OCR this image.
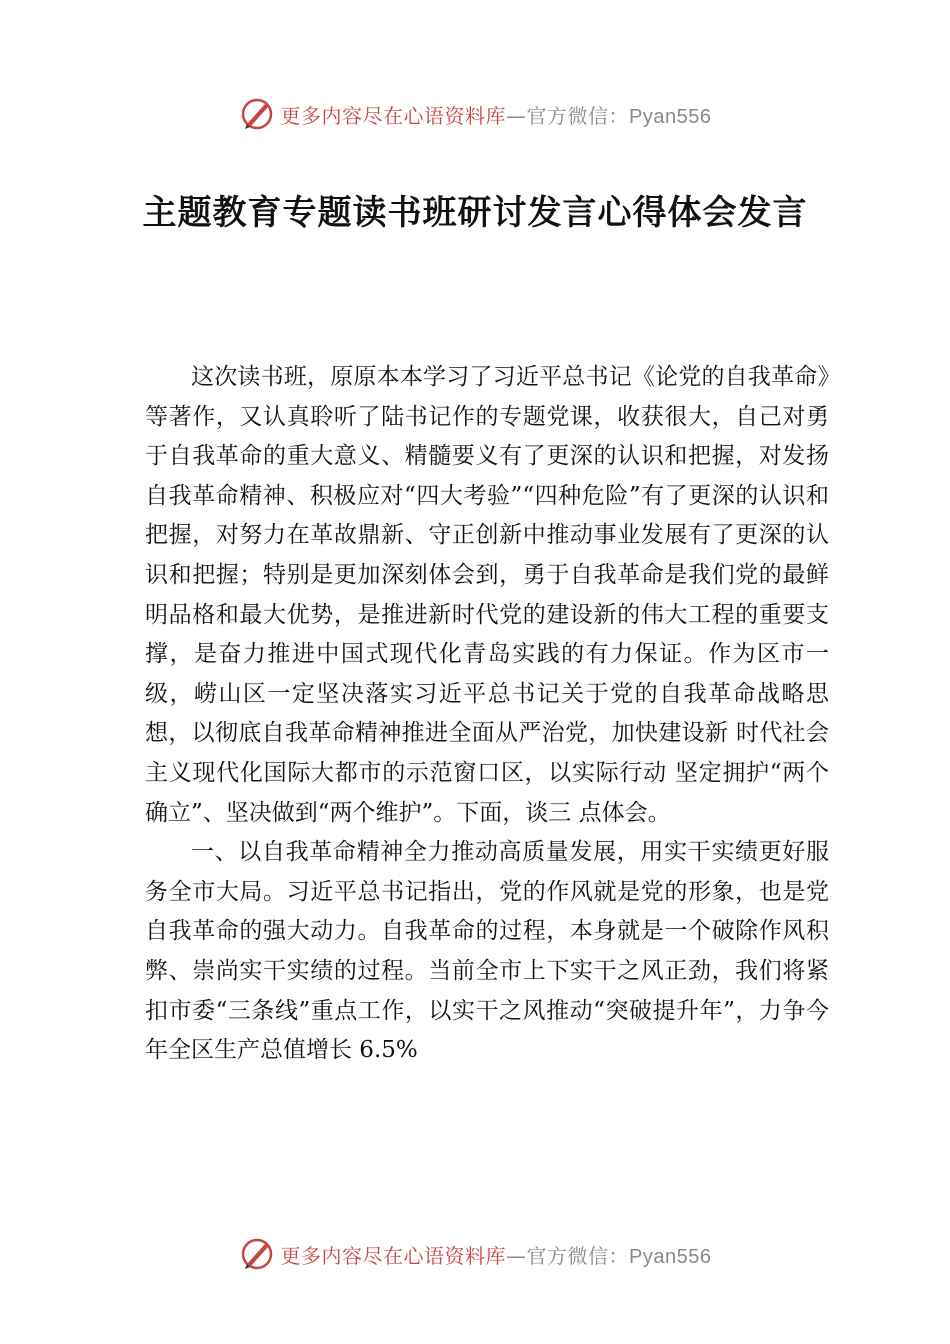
更多内容尽在心语资料库—官方微信：Pyan556
主题教育专题读书班研讨发言心得体会发言

这次读书班，原原本本学习了习近平总书记《论党的自我革命》等著作，又认真聆听了陆书记作的专题党课，收获很大，自己对勇于自我革命的重大意义、精髓要义有了更深的认识和把握，对发扬自我革命精神、积极应对“四大考验”“四种危险”有了更深的认识和把握，对努力在革故鼎新、守正创新中推动事业发展有了更深的认识和把握；特别是更加深刻体会到，勇于自我革命是我们党的最鲜明品格和最大优势，是推进新时代党的建设新的伟大工程的重要支撑，是奋力推进中国式现代化青岛实践的有力保证。作为区市一级，崂山区一定坚决落实习近平总书记关于党的自我革命战略思想，以彻底自我革命精神推进全面从严治党，加快建设新 时代社会主义现代化国际大都市的示范窗口区，以实际行动 坚定拥护“两个确立”、坚决做到“两个维护”。下面，谈三 点体会。

一、以自我革命精神全力推动高质量发展，用实干实绩更好服务全市大局。习近平总书记指出，党的作风就是党的形象，也是党自我革命的强大动力。自我革命的过程，本身就是一个破除作风积弊、崇尚实干实绩的过程。当前全市上下实干之风正劲，我们将紧扣市委“三条线”重点工作，以实干之风推动“突破提升年”，力争今年全区生产总值增长 6.5%

更多内容尽在心语资料库—官方微信：Pyan556
